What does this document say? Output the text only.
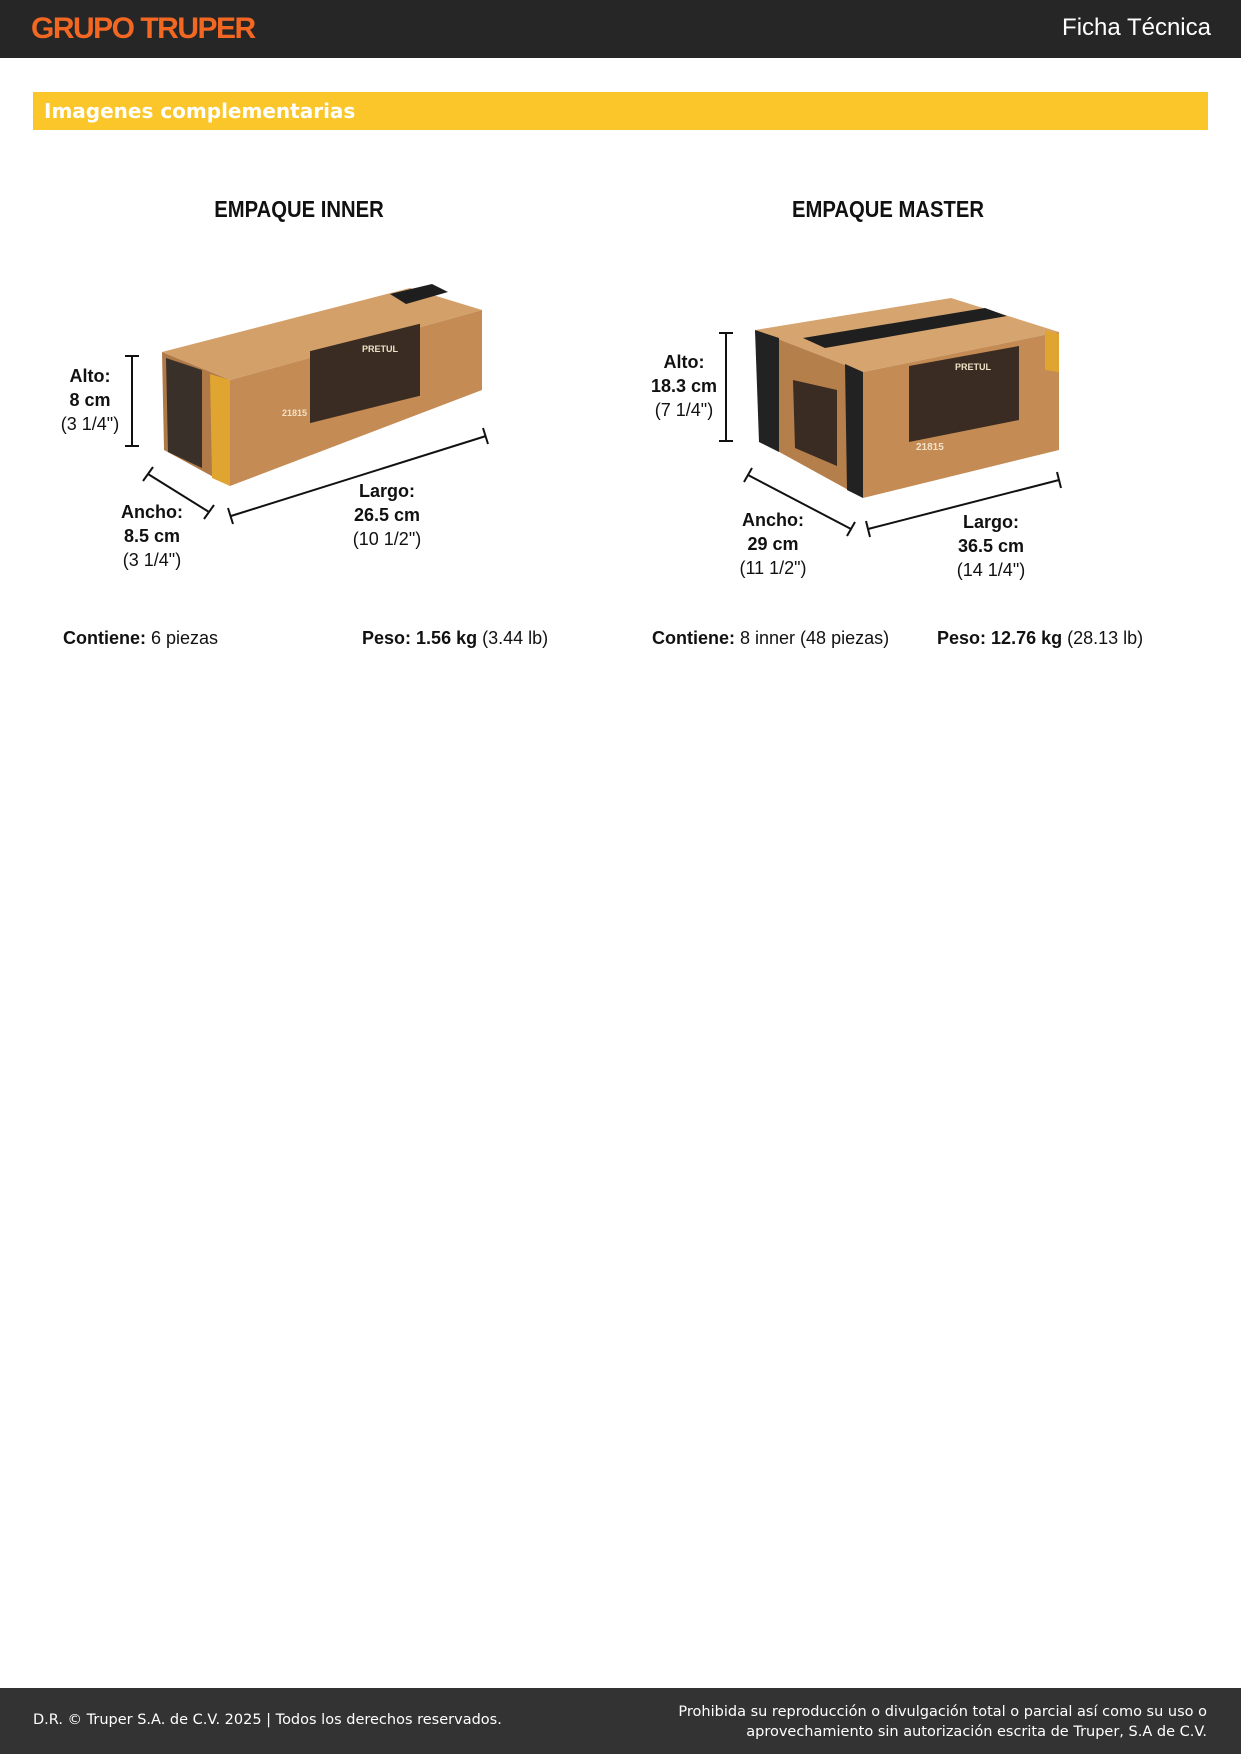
GRUPO TRUPER	Ficha Técnica
Imagenes complementarias
EMPAQUE INNER
PRETUL
21815
Alto:
8 cm
(3 1/4")
Ancho:
8.5 cm
(3 1/4")
Largo:
26.5 cm
(10 1/2")
Contiene: 6 piezas	Peso: 1.56 kg (3.44 lb)
EMPAQUE MASTER
PRETUL
21815
Alto:
18.3 cm
(7 1/4")
Ancho:
29 cm
(11 1/2")
Largo:
36.5 cm
(14 1/4")
Contiene: 8 inner (48 piezas)	Peso: 12.76 kg (28.13 lb)
D.R. © Truper S.A. de C.V. 2025 | Todos los derechos reservados.	Prohibida su reproducción o divulgación total o parcial así como su uso o
aprovechamiento sin autorización escrita de Truper, S.A de C.V.
